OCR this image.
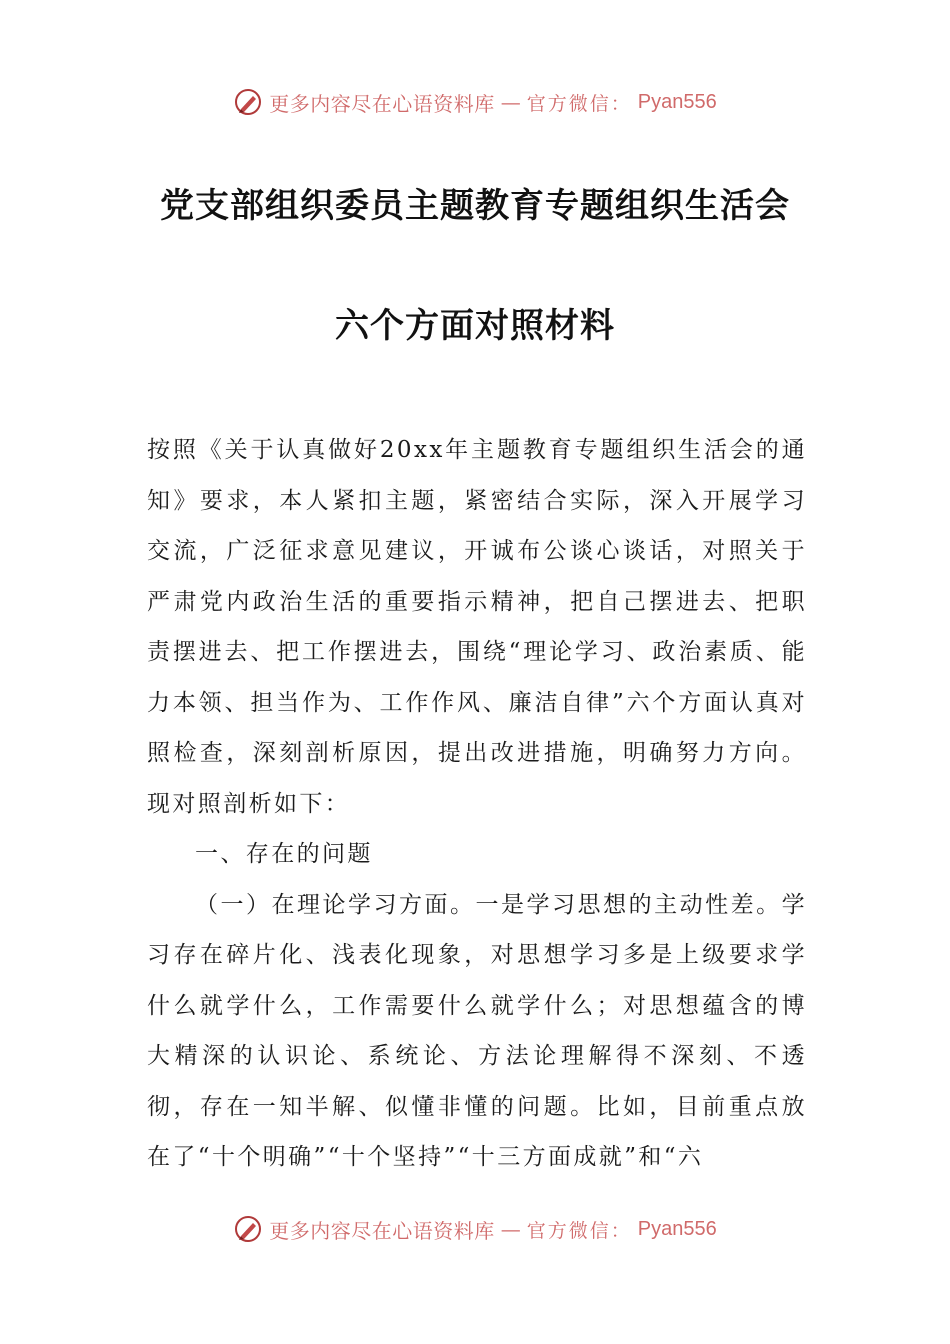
更多内容尽在心语资料库 — 官方微信： Pyan556
党支部组织委员主题教育专题组织生活会
六个方面对照材料

按照《关于认真做好20xx年主题教育专题组织生活会的通知》要求，本人紧扣主题，紧密结合实际，深入开展学习交流，广泛征求意见建议，开诚布公谈心谈话，对照关于严肃党内政治生活的重要指示精神，把自己摆进去、把职责摆进去、把工作摆进去，围绕“理论学习、政治素质、能力本领、担当作为、工作作风、廉洁自律”六个方面认真对照检查，深刻剖析原因，提出改进措施，明确努力方向。现对照剖析如下：

一、存在的问题

（一）在理论学习方面。一是学习思想的主动性差。学习存在碎片化、浅表化现象，对思想学习多是上级要求学什么就学什么，工作需要什么就学什么；对思想蕴含的博大精深的认识论、系统论、方法论理解得不深刻、不透彻，存在一知半解、似懂非懂的问题。比如，目前重点放在了“十个明确”“十个坚持”“十三方面成就”和“六

更多内容尽在心语资料库 — 官方微信： Pyan556
